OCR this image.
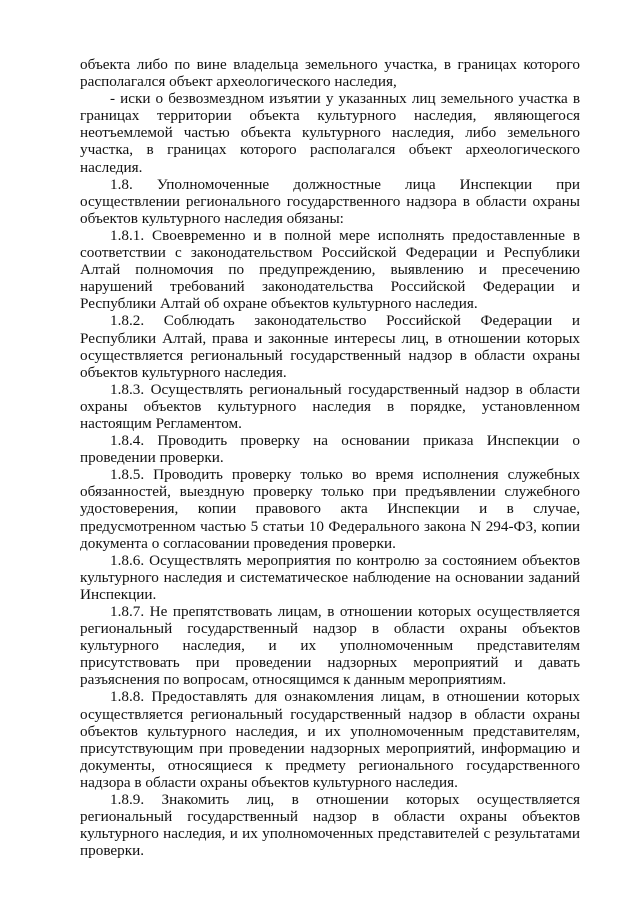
объекта либо по вине владельца земельного участка, в границах которого располагался объект археологического наследия,

- иски о безвозмездном изъятии у указанных лиц земельного участка в границах территории объекта культурного наследия, являющегося неотъемлемой частью объекта культурного наследия, либо земельного участка, в границах которого располагался объект археологического наследия.

1.8. Уполномоченные должностные лица Инспекции при осуществлении регионального государственного надзора в области охраны объектов культурного наследия обязаны:

1.8.1. Своевременно и в полной мере исполнять предоставленные в соответствии с законодательством Российской Федерации и Республики Алтай полномочия по предупреждению, выявлению и пресечению нарушений требований законодательства Российской Федерации и Республики Алтай об охране объектов культурного наследия.

1.8.2. Соблюдать законодательство Российской Федерации и Республики Алтай, права и законные интересы лиц, в отношении которых осуществляется региональный государственный надзор в области охраны объектов культурного наследия.

1.8.3. Осуществлять региональный государственный надзор в области охраны объектов культурного наследия в порядке, установленном настоящим Регламентом.

1.8.4. Проводить проверку на основании приказа Инспекции о проведении проверки.

1.8.5. Проводить проверку только во время исполнения служебных обязанностей, выездную проверку только при предъявлении служебного удостоверения, копии правового акта Инспекции и в случае, предусмотренном частью 5 статьи 10 Федерального закона N 294-ФЗ, копии документа о согласовании проведения проверки.

1.8.6. Осуществлять мероприятия по контролю за состоянием объектов культурного наследия и систематическое наблюдение на основании заданий Инспекции.

1.8.7. Не препятствовать лицам, в отношении которых осуществляется региональный государственный надзор в области охраны объектов культурного наследия, и их уполномоченным представителям присутствовать при проведении надзорных мероприятий и давать разъяснения по вопросам, относящимся к данным мероприятиям.

1.8.8. Предоставлять для ознакомления лицам, в отношении которых осуществляется региональный государственный надзор в области охраны объектов культурного наследия, и их уполномоченным представителям, присутствующим при проведении надзорных мероприятий, информацию и документы, относящиеся к предмету регионального государственного надзора в области охраны объектов культурного наследия.

1.8.9. Знакомить лиц, в отношении которых осуществляется региональный государственный надзор в области охраны объектов культурного наследия, и их уполномоченных представителей с результатами проверки.
